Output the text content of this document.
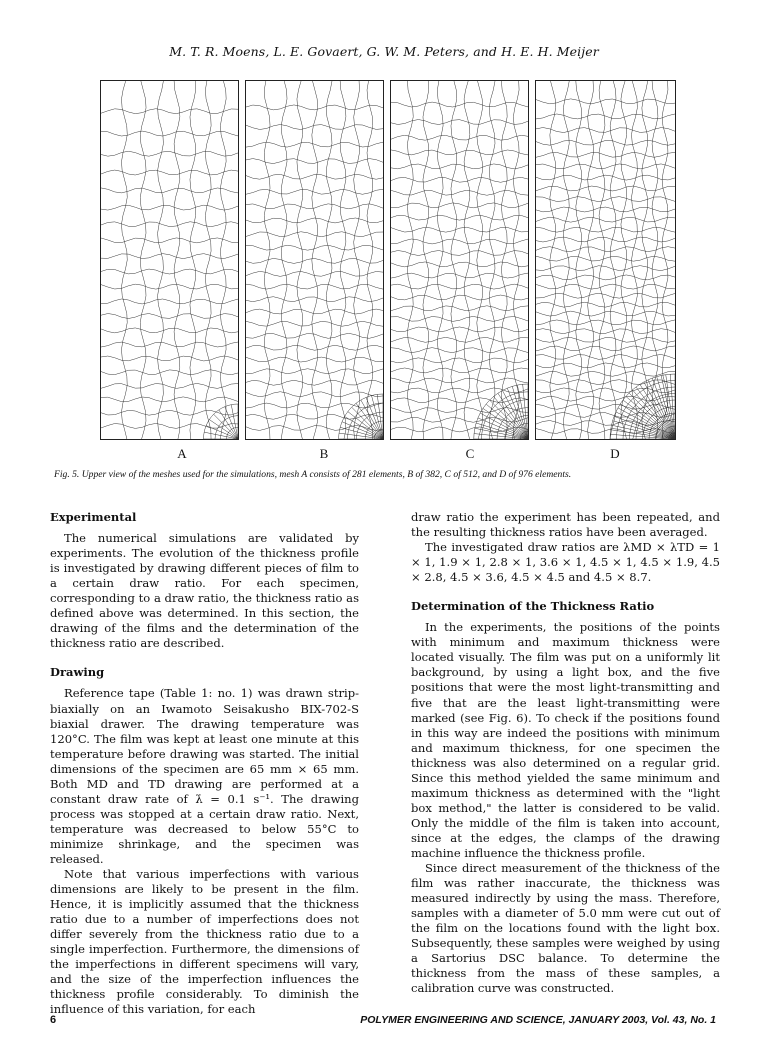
M. T. R. Moens, L. E. Govaert, G. W. M. Peters, and H. E. H. Meijer
A	B	C	D
Fig. 5. Upper view of the meshes used for the simulations, mesh A consists of 281 elements, B of 382, C of 512, and D of 976 elements.
Experimental

The numerical simulations are validated by experiments. The evolution of the thickness profile is investigated by drawing different pieces of film to a certain draw ratio. For each specimen, corresponding to a draw ratio, the thickness ratio as defined above was determined. In this section, the drawing of the films and the determination of the thickness ratio are described.

Drawing

Reference tape (Table 1: no. 1) was drawn strip-biaxially on an Iwamoto Seisakusho BIX-702-S biaxial drawer. The drawing temperature was 120°C. The film was kept at least one minute at this temperature before drawing was started. The initial dimensions of the specimen are 65 mm × 65 mm. Both MD and TD drawing are performed at a constant draw rate of λ̇ = 0.1 s⁻¹. The drawing process was stopped at a certain draw ratio. Next, temperature was decreased to below 55°C to minimize shrinkage, and the specimen was released.

Note that various imperfections with various dimensions are likely to be present in the film. Hence, it is implicitly assumed that the thickness ratio due to a number of imperfections does not differ severely from the thickness ratio due to a single imperfection. Furthermore, the dimensions of the imperfections in different specimens will vary, and the size of the imperfection influences the thickness profile considerably. To diminish the influence of this variation, for each

draw ratio the experiment has been repeated, and the resulting thickness ratios have been averaged.

The investigated draw ratios are λMD × λTD = 1 × 1, 1.9 × 1, 2.8 × 1, 3.6 × 1, 4.5 × 1, 4.5 × 1.9, 4.5 × 2.8, 4.5 × 3.6, 4.5 × 4.5 and 4.5 × 8.7.

Determination of the Thickness Ratio

In the experiments, the positions of the points with minimum and maximum thickness were located visually. The film was put on a uniformly lit background, by using a light box, and the five positions that were the most light-transmitting and five that are the least light-transmitting were marked (see Fig. 6). To check if the positions found in this way are indeed the positions with minimum and maximum thickness, for one specimen the thickness was also determined on a regular grid. Since this method yielded the same minimum and maximum thickness as determined with the "light box method," the latter is considered to be valid. Only the middle of the film is taken into account, since at the edges, the clamps of the drawing machine influence the thickness profile.

Since direct measurement of the thickness of the film was rather inaccurate, the thickness was measured indirectly by using the mass. Therefore, samples with a diameter of 5.0 mm were cut out of the film on the locations found with the light box. Subsequently, these samples were weighed by using a Sartorius DSC balance. To determine the thickness from the mass of these samples, a calibration curve was constructed.

6	POLYMER ENGINEERING AND SCIENCE, JANUARY 2003, Vol. 43, No. 1
